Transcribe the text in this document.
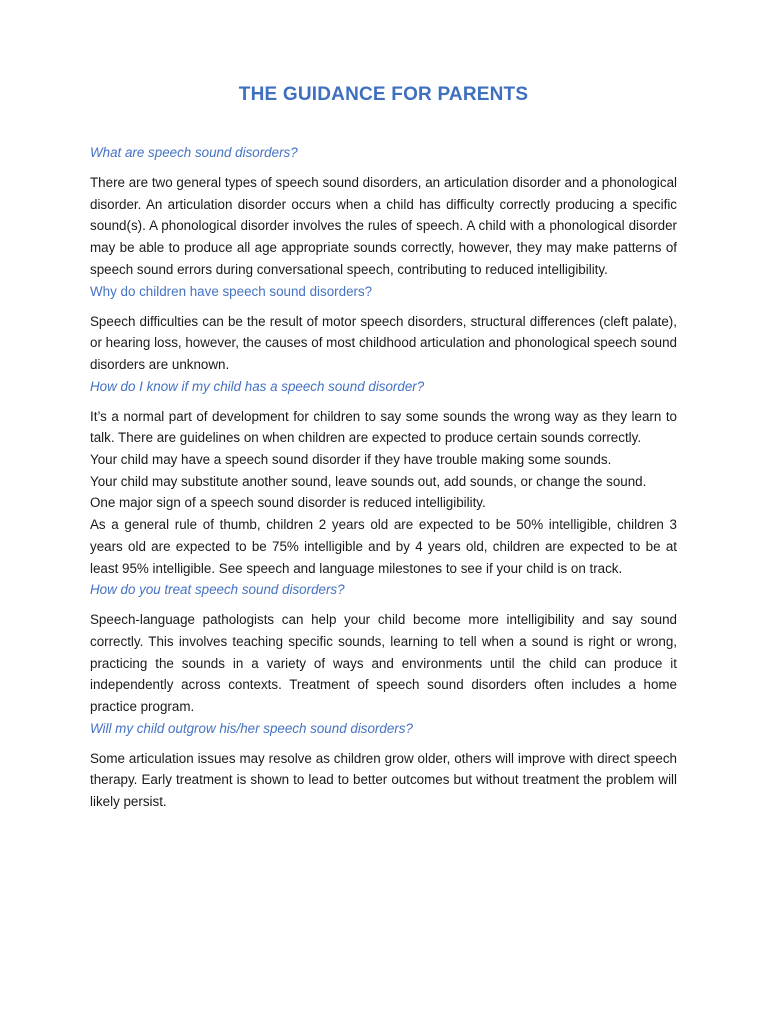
THE GUIDANCE FOR PARENTS
What are speech sound disorders?

There are two general types of speech sound disorders, an articulation disorder and a phonological disorder. An articulation disorder occurs when a child has difficulty correctly producing a specific sound(s). A phonological disorder involves the rules of speech. A child with a phonological disorder may be able to produce all age appropriate sounds correctly, however, they may make patterns of speech sound errors during conversational speech, contributing to reduced intelligibility.

Why do children have speech sound disorders?

Speech difficulties can be the result of motor speech disorders, structural differences (cleft palate), or hearing loss, however, the causes of most childhood articulation and phonological speech sound disorders are unknown.

How do I know if my child has a speech sound disorder?

It’s a normal part of development for children to say some sounds the wrong way as they learn to talk. There are guidelines on when children are expected to produce certain sounds correctly.

Your child may have a speech sound disorder if they have trouble making some sounds.

Your child may substitute another sound, leave sounds out, add sounds, or change the sound.

One major sign of a speech sound disorder is reduced intelligibility.

As a general rule of thumb, children 2 years old are expected to be 50% intelligible, children 3 years old are expected to be 75% intelligible and by 4 years old, children are expected to be at least 95% intelligible. See speech and language milestones to see if your child is on track.

How do you treat speech sound disorders?

Speech-language pathologists can help your child become more intelligibility and say sound correctly. This involves teaching specific sounds, learning to tell when a sound is right or wrong, practicing the sounds in a variety of ways and environments until the child can produce it independently across contexts. Treatment of speech sound disorders often includes a home practice program.

Will my child outgrow his/her speech sound disorders?

Some articulation issues may resolve as children grow older, others will improve with direct speech therapy. Early treatment is shown to lead to better outcomes but without treatment the problem will likely persist.
